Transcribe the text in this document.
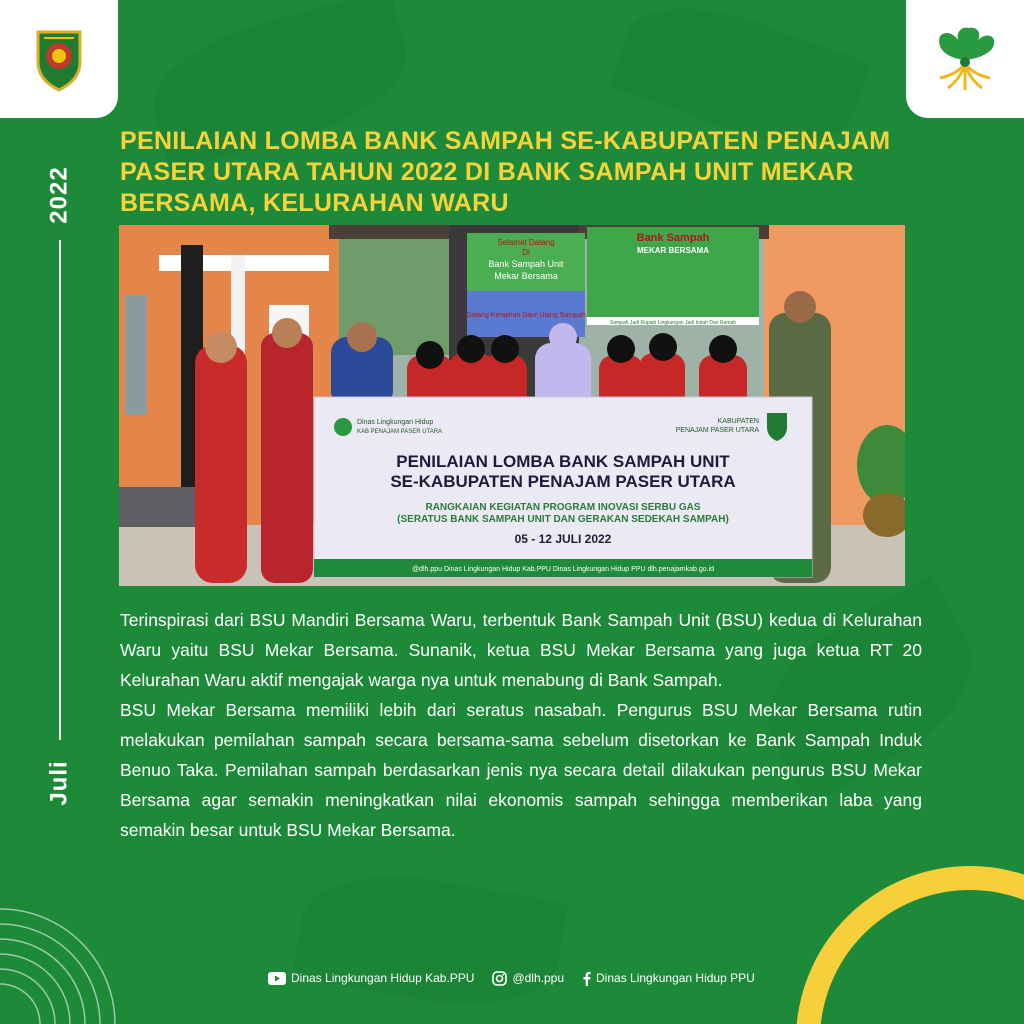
2022
Juli
PENILAIAN LOMBA BANK SAMPAH SE-KABUPATEN PENAJAM PASER UTARA TAHUN 2022 DI BANK SAMPAH UNIT MEKAR BERSAMA, KELURAHAN WARU
Selamat Datang
Di
Bank Sampah Unit
Mekar Bersama
Galang Kerajinan Daur Ulang Sampah
Bank Sampah
MEKAR BERSAMA
Sampah Jadi Rupiah Lingkungan Jadi Indah Dan Ramah
Dinas Lingkungan Hidup
KAB PENAJAM PASER UTARA
KABUPATEN
PENAJAM PASER UTARA
PENILAIAN LOMBA BANK SAMPAH UNIT
SE-KABUPATEN PENAJAM PASER UTARA
RANGKAIAN KEGIATAN PROGRAM INOVASI SERBU GAS
(SERATUS BANK SAMPAH UNIT DAN GERAKAN SEDEKAH SAMPAH)
05 - 12 JULI 2022
@dlh.ppu Dinas Lingkungan Hidup Kab.PPU Dinas Lingkungan Hidup PPU dlh.penajamkab.go.id

Terinspirasi dari BSU Mandiri Bersama Waru, terbentuk Bank Sampah Unit (BSU) kedua di Kelurahan Waru yaitu BSU Mekar Bersama. Sunanik, ketua BSU Mekar Bersama yang juga ketua RT 20 Kelurahan Waru aktif mengajak warga nya untuk menabung di Bank Sampah.

BSU Mekar Bersama memiliki lebih dari seratus nasabah. Pengurus BSU Mekar Bersama rutin melakukan pemilahan sampah secara bersama-sama sebelum disetorkan ke Bank Sampah Induk Benuo Taka. Pemilahan sampah berdasarkan jenis nya secara detail dilakukan pengurus BSU Mekar Bersama agar semakin meningkatkan nilai ekonomis sampah sehingga memberikan laba yang semakin besar untuk BSU Mekar Bersama.

Dinas Lingkungan Hidup Kab.PPU	@dlh.ppu	Dinas Lingkungan Hidup PPU
